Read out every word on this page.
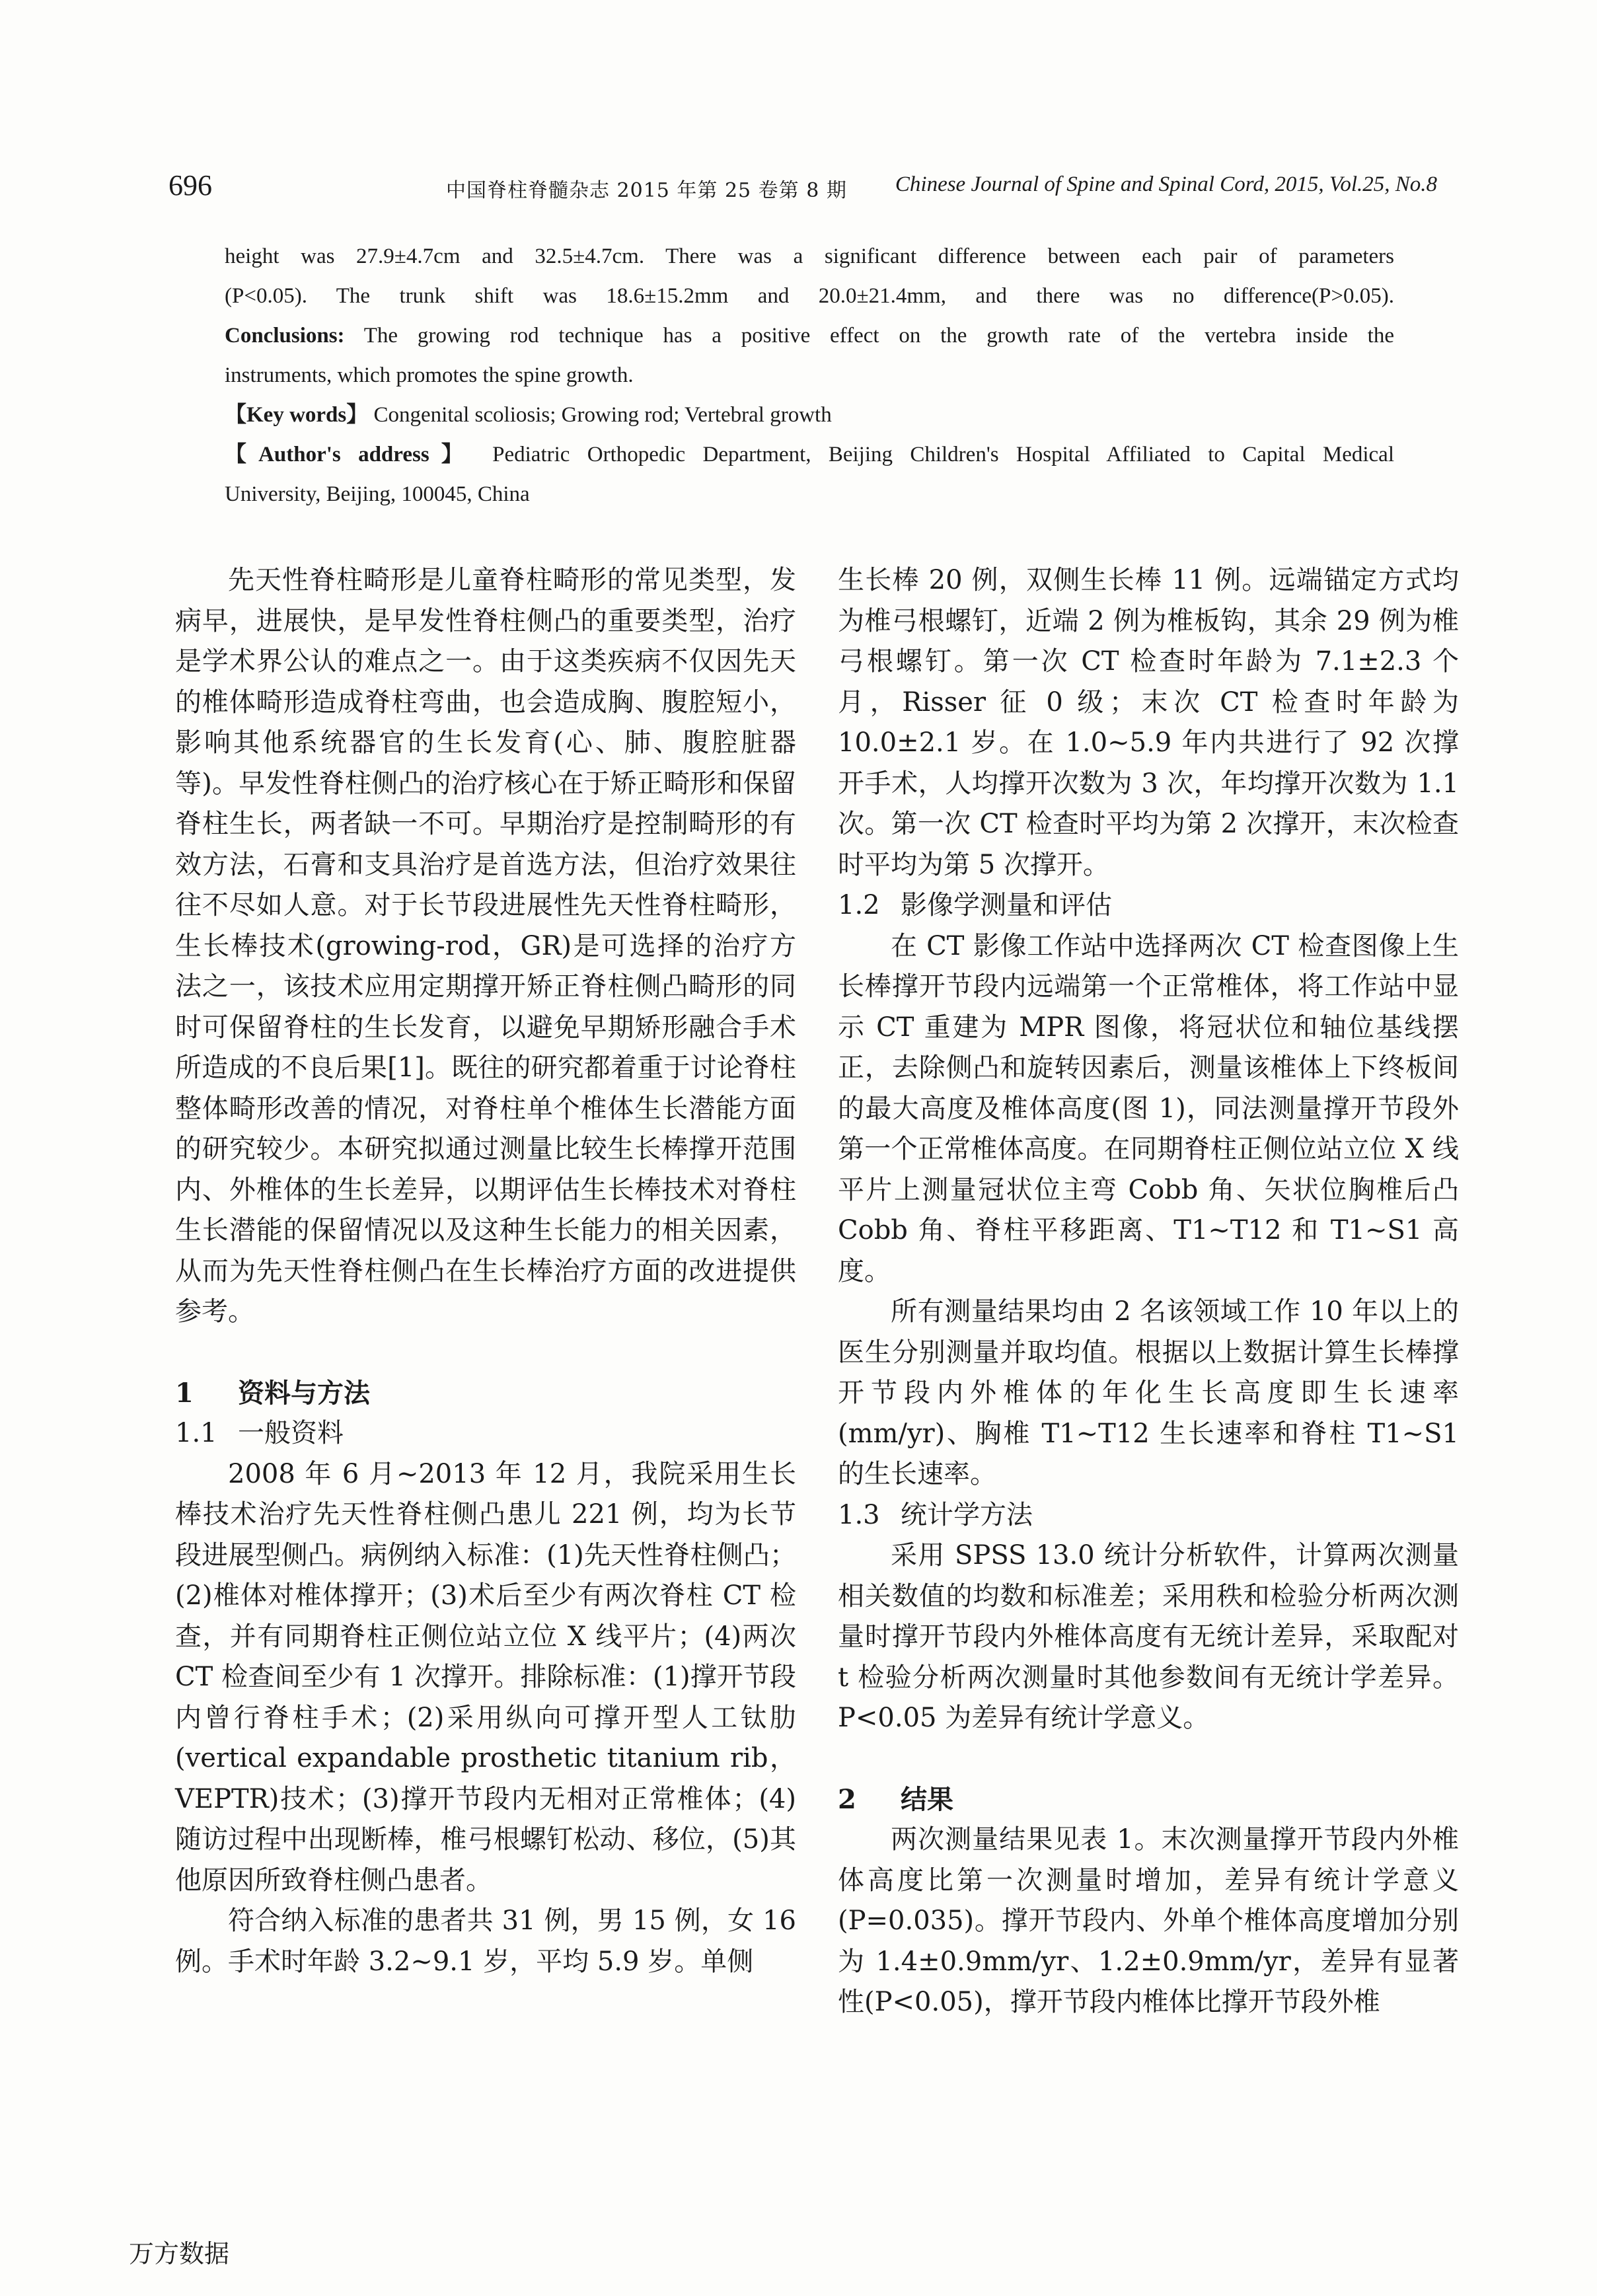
696	中国脊柱脊髓杂志 2015 年第 25 卷第 8 期 Chinese Journal of Spine and Spinal Cord, 2015, Vol.25, No.8
height was 27.9±4.7cm and 32.5±4.7cm. There was a significant difference between each pair of parameters
(P<0.05). The trunk shift was 18.6±15.2mm and 20.0±21.4mm, and there was no difference(P>0.05).
Conclusions: The growing rod technique has a positive effect on the growth rate of the vertebra inside the
instruments, which promotes the spine growth.
【Key words】 Congenital scoliosis; Growing rod; Vertebral growth
【Author's address】 Pediatric Orthopedic Department, Beijing Children's Hospital Affiliated to Capital Medical
University, Beijing, 100045, China

先天性脊柱畸形是儿童脊柱畸形的常见类型，发病早，进展快，是早发性脊柱侧凸的重要类型，治疗是学术界公认的难点之一。由于这类疾病不仅因先天的椎体畸形造成脊柱弯曲，也会造成胸、腹腔短小，影响其他系统器官的生长发育(心、肺、腹腔脏器等)。早发性脊柱侧凸的治疗核心在于矫正畸形和保留脊柱生长，两者缺一不可。早期治疗是控制畸形的有效方法，石膏和支具治疗是首选方法，但治疗效果往往不尽如人意。对于长节段进展性先天性脊柱畸形，生长棒技术(growing-rod，GR)是可选择的治疗方法之一，该技术应用定期撑开矫正脊柱侧凸畸形的同时可保留脊柱的生长发育，以避免早期矫形融合手术所造成的不良后果[1]。既往的研究都着重于讨论脊柱整体畸形改善的情况，对脊柱单个椎体生长潜能方面的研究较少。本研究拟通过测量比较生长棒撑开范围内、外椎体的生长差异，以期评估生长棒技术对脊柱生长潜能的保留情况以及这种生长能力的相关因素，从而为先天性脊柱侧凸在生长棒治疗方面的改进提供参考。

1 资料与方法

1.1 一般资料

2008 年 6 月~2013 年 12 月，我院采用生长棒技术治疗先天性脊柱侧凸患儿 221 例，均为长节段进展型侧凸。病例纳入标准：(1)先天性脊柱侧凸；(2)椎体对椎体撑开；(3)术后至少有两次脊柱 CT 检查，并有同期脊柱正侧位站立位 X 线平片；(4)两次 CT 检查间至少有 1 次撑开。排除标准：(1)撑开节段内曾行脊柱手术；(2)采用纵向可撑开型人工钛肋 (vertical expandable prosthetic titanium rib，VEPTR)技术；(3)撑开节段内无相对正常椎体；(4)随访过程中出现断棒，椎弓根螺钉松动、移位，(5)其他原因所致脊柱侧凸患者。

符合纳入标准的患者共 31 例，男 15 例，女 16 例。手术时年龄 3.2~9.1 岁，平均 5.9 岁。单侧

生长棒 20 例，双侧生长棒 11 例。远端锚定方式均为椎弓根螺钉，近端 2 例为椎板钩，其余 29 例为椎弓根螺钉。第一次 CT 检查时年龄为 7.1±2.3 个月，Risser 征 0 级；末次 CT 检查时年龄为 10.0±2.1 岁。在 1.0~5.9 年内共进行了 92 次撑开手术，人均撑开次数为 3 次，年均撑开次数为 1.1 次。第一次 CT 检查时平均为第 2 次撑开，末次检查时平均为第 5 次撑开。

1.2 影像学测量和评估

在 CT 影像工作站中选择两次 CT 检查图像上生长棒撑开节段内远端第一个正常椎体，将工作站中显示 CT 重建为 MPR 图像，将冠状位和轴位基线摆正，去除侧凸和旋转因素后，测量该椎体上下终板间的最大高度及椎体高度(图 1)，同法测量撑开节段外第一个正常椎体高度。在同期脊柱正侧位站立位 X 线平片上测量冠状位主弯 Cobb 角、矢状位胸椎后凸 Cobb 角、脊柱平移距离、T1~T12 和 T1~S1 高度。

所有测量结果均由 2 名该领域工作 10 年以上的医生分别测量并取均值。根据以上数据计算生长棒撑开节段内外椎体的年化生长高度即生长速率(mm/yr)、胸椎 T1~T12 生长速率和脊柱 T1~S1 的生长速率。

1.3 统计学方法

采用 SPSS 13.0 统计分析软件，计算两次测量相关数值的均数和标准差；采用秩和检验分析两次测量时撑开节段内外椎体高度有无统计差异，采取配对 t 检验分析两次测量时其他参数间有无统计学差异。P<0.05 为差异有统计学意义。

2 结果

两次测量结果见表 1。末次测量撑开节段内外椎体高度比第一次测量时增加，差异有统计学意义(P=0.035)。撑开节段内、外单个椎体高度增加分别为 1.4±0.9mm/yr、1.2±0.9mm/yr，差异有显著性(P<0.05)，撑开节段内椎体比撑开节段外椎

万方数据
